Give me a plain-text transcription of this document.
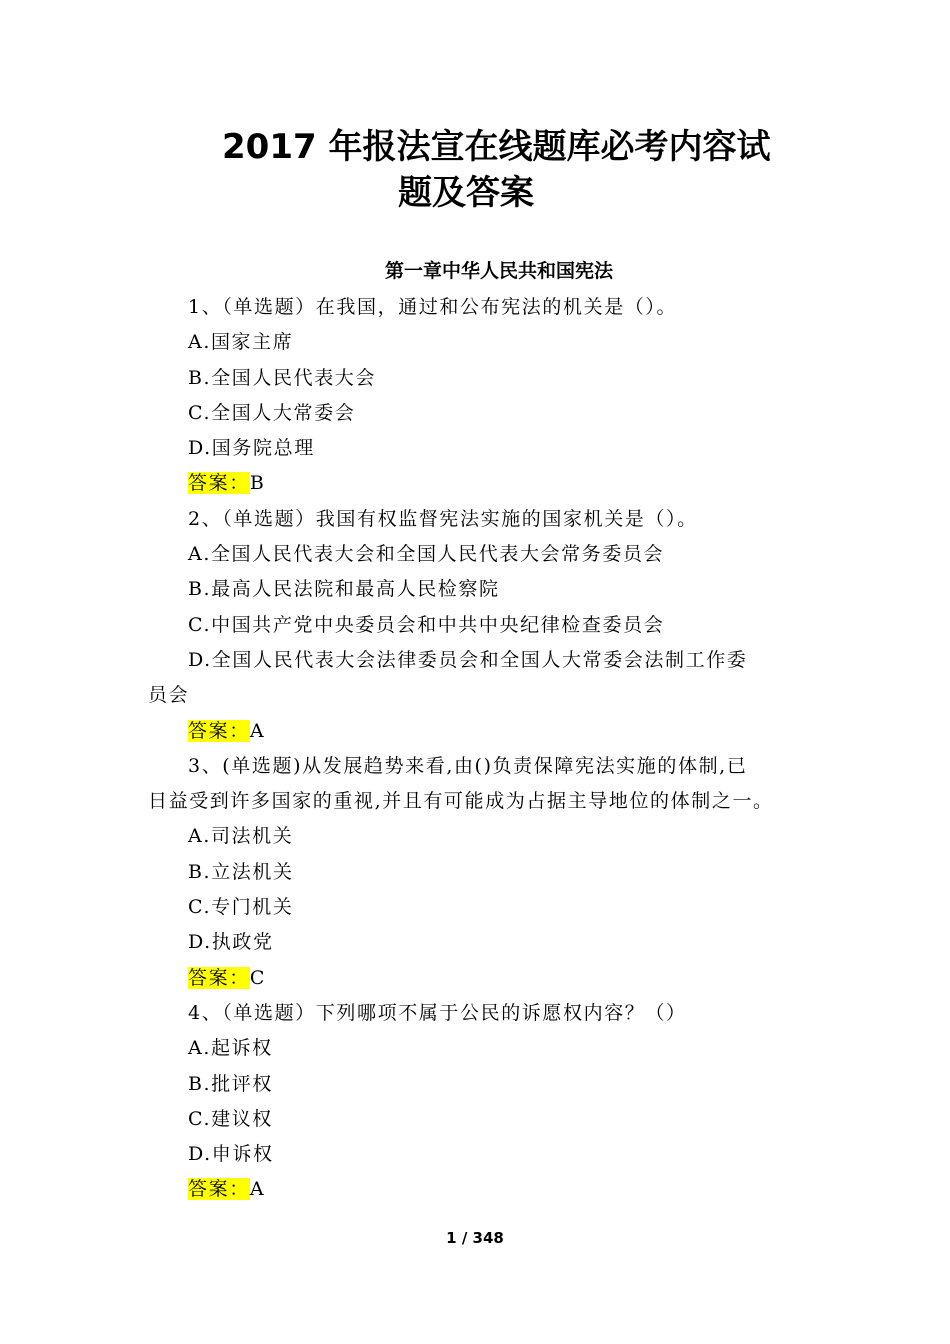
2017 年报法宣在线题库必考内容试
题及答案
第一章中华人民共和国宪法
1、（单选题）在我国，通过和公布宪法的机关是（）。
A.国家主席
B.全国人民代表大会
C.全国人大常委会
D.国务院总理
答案：B
2、（单选题）我国有权监督宪法实施的国家机关是（）。
A.全国人民代表大会和全国人民代表大会常务委员会
B.最高人民法院和最高人民检察院
C.中国共产党中央委员会和中共中央纪律检查委员会
D.全国人民代表大会法律委员会和全国人大常委会法制工作委
员会
答案：A
3、(单选题)从发展趋势来看,由()负责保障宪法实施的体制,已
日益受到许多国家的重视,并且有可能成为占据主导地位的体制之一。
A.司法机关
B.立法机关
C.专门机关
D.执政党
答案：C
4、（单选题）下列哪项不属于公民的诉愿权内容？（）
A.起诉权
B.批评权
C.建议权
D.申诉权
答案：A
1 / 348
